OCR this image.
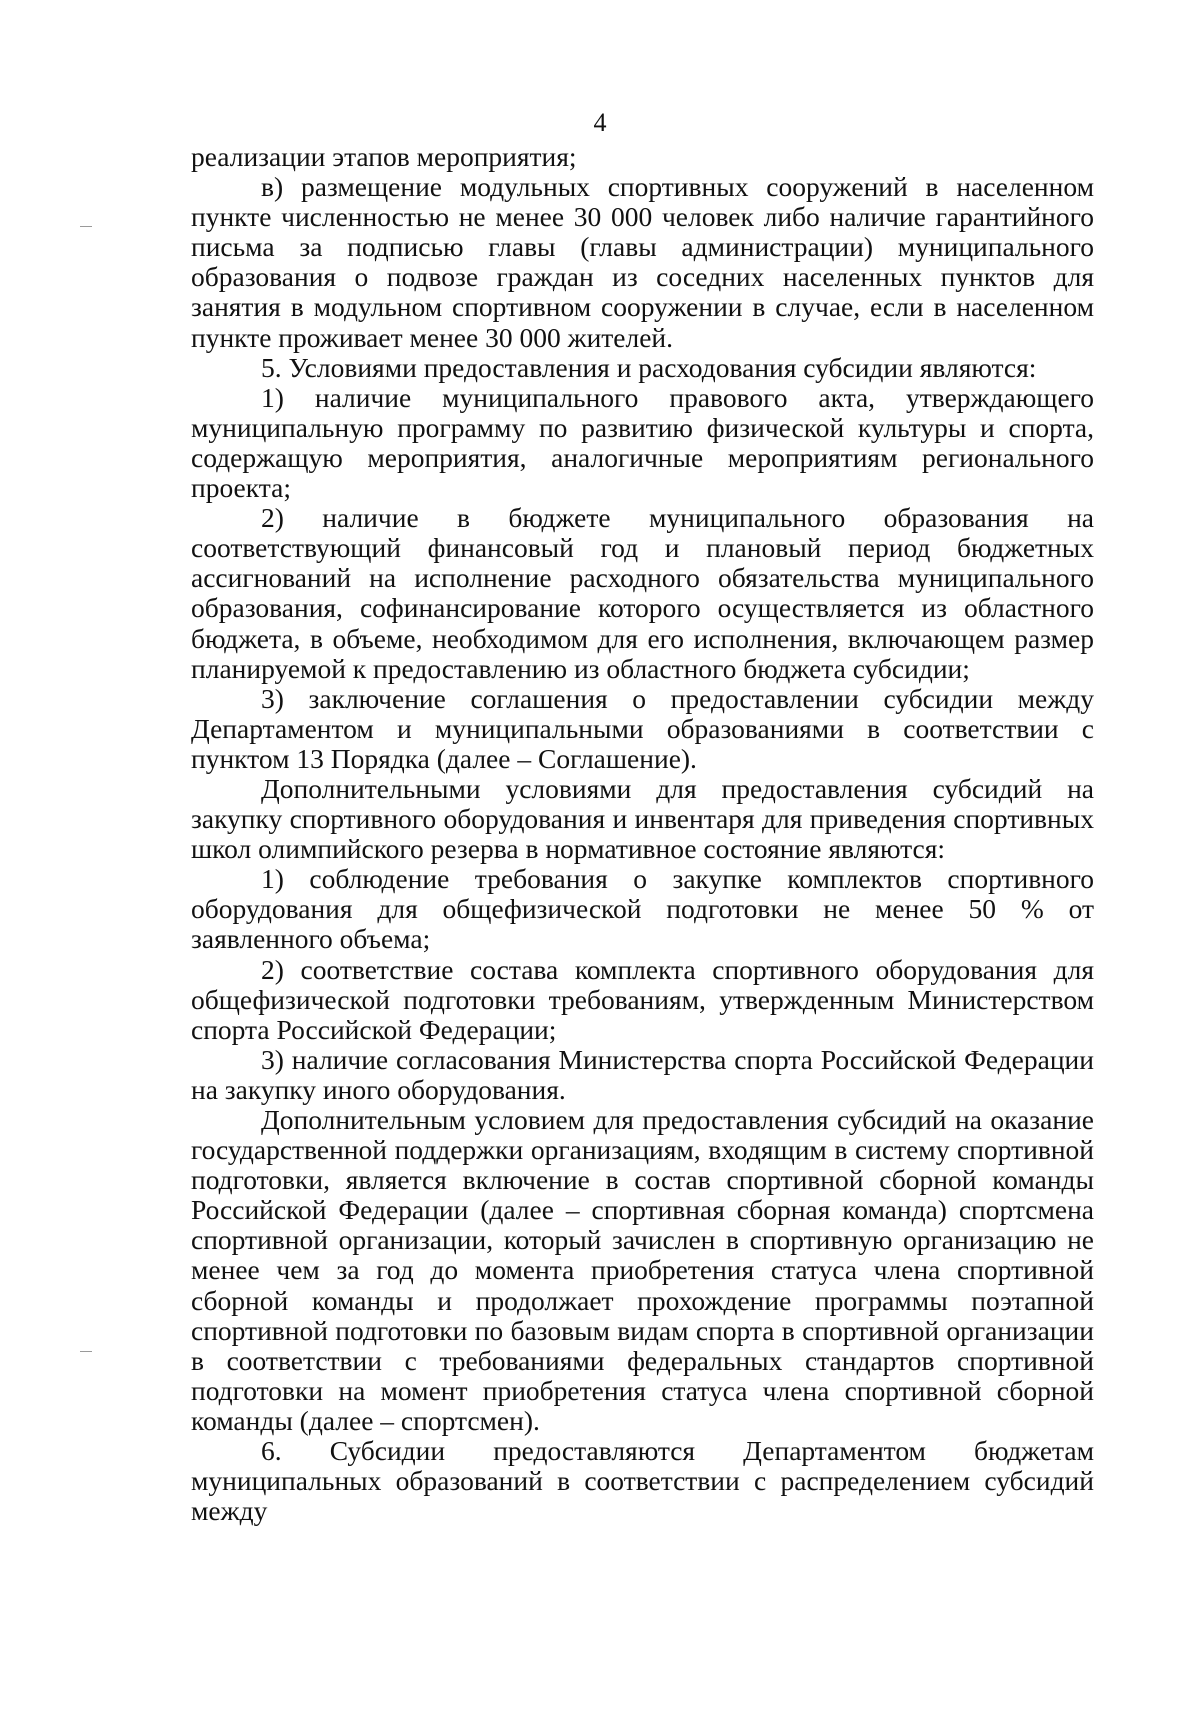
4

реализации этапов мероприятия;

в) размещение модульных спортивных сооружений в населенном пункте численностью не менее 30 000 человек либо наличие гарантийного письма за подписью главы (главы администрации) муниципального образования о подвозе граждан из соседних населенных пунктов для занятия в модульном спортивном сооружении в случае, если в населенном пункте проживает менее 30 000 жителей.

5. Условиями предоставления и расходования субсидии являются:

1) наличие муниципального правового акта, утверждающего муниципальную программу по развитию физической культуры и спорта, содержащую мероприятия, аналогичные мероприятиям регионального проекта;

2) наличие в бюджете муниципального образования на соответствующий финансовый год и плановый период бюджетных ассигнований на исполнение расходного обязательства муниципального образования, софинансирование которого осуществляется из областного бюджета, в объеме, необходимом для его исполнения, включающем размер планируемой к предоставлению из областного бюджета субсидии;

3) заключение соглашения о предоставлении субсидии между Департаментом и муниципальными образованиями в соответствии с пунктом 13 Порядка (далее – Соглашение).

Дополнительными условиями для предоставления субсидий на закупку спортивного оборудования и инвентаря для приведения спортивных школ олимпийского резерва в нормативное состояние являются:

1) соблюдение требования о закупке комплектов спортивного оборудования для общефизической подготовки не менее 50 % от заявленного объема;

2) соответствие состава комплекта спортивного оборудования для общефизической подготовки требованиям, утвержденным Министерством спорта Российской Федерации;

3) наличие согласования Министерства спорта Российской Федерации на закупку иного оборудования.

Дополнительным условием для предоставления субсидий на оказание государственной поддержки организациям, входящим в систему спортивной подготовки, является включение в состав спортивной сборной команды Российской Федерации (далее – спортивная сборная команда) спортсмена спортивной организации, который зачислен в спортивную организацию не менее чем за год до момента приобретения статуса члена спортивной сборной команды и продолжает прохождение программы поэтапной спортивной подготовки по базовым видам спорта в спортивной организации в соответствии с требованиями федеральных стандартов спортивной подготовки на момент приобретения статуса члена спортивной сборной команды (далее – спортсмен).

6. Субсидии предоставляются Департаментом бюджетам муниципальных образований в соответствии с распределением субсидий между
